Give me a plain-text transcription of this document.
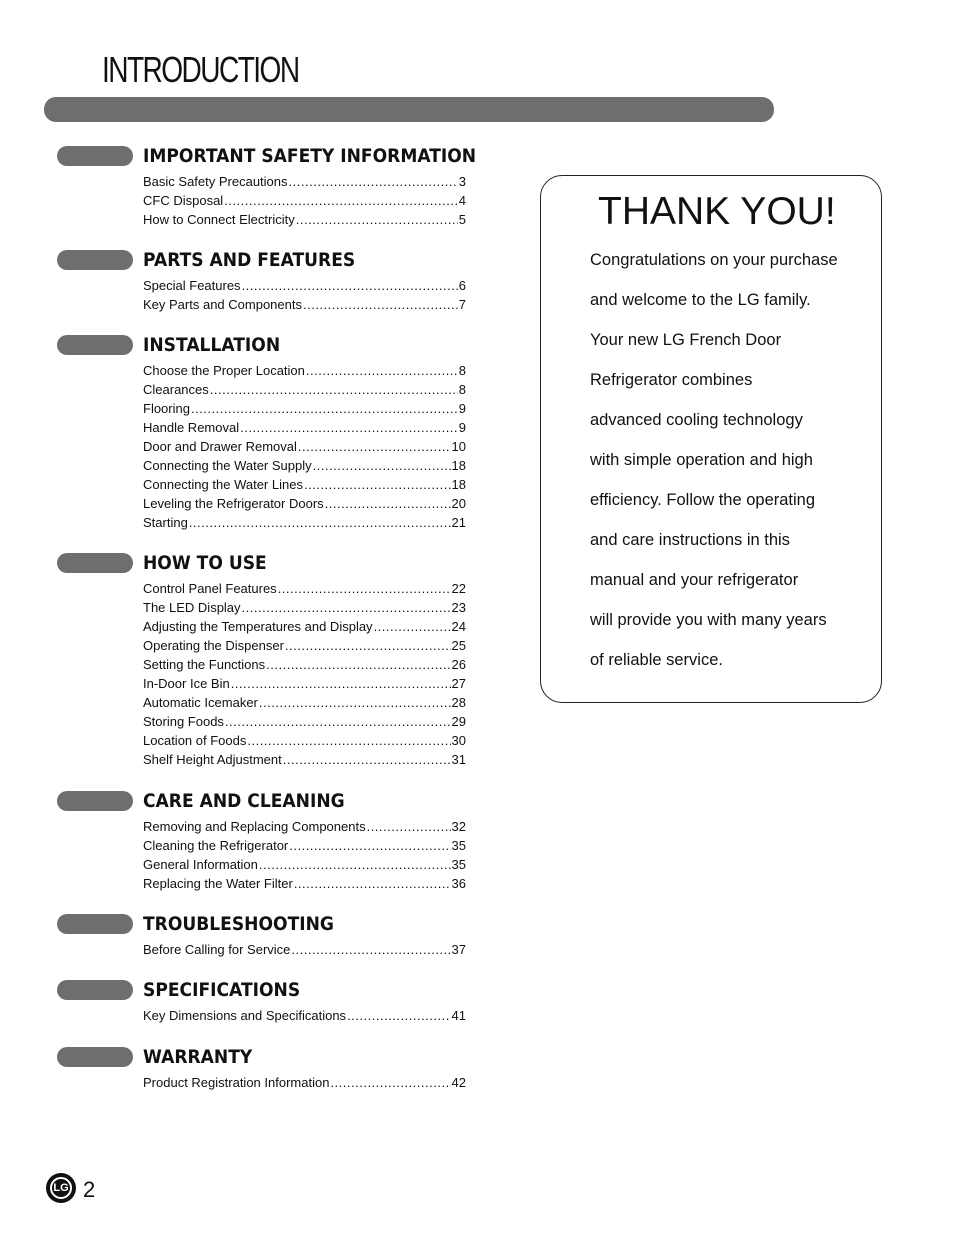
INTRODUCTION
IMPORTANT SAFETY INFORMATION
Basic Safety Precautions .....	3
CFC Disposal .....	4
How to Connect Electricity .....	5
PARTS AND FEATURES
Special Features .....	6
Key Parts and Components .....	7
INSTALLATION
Choose the Proper Location .....	8
Clearances .....	8
Flooring .....	9
Handle Removal .....	9
Door and Drawer Removal .....	10
Connecting the Water Supply .....	18
Connecting the Water Lines .....	18
Leveling the Refrigerator Doors .....	20
Starting .....	21
HOW TO USE
Control Panel Features .....	22
The LED Display .....	23
Adjusting the Temperatures and Display .....	24
Operating the Dispenser .....	25
Setting the Functions .....	26
In-Door Ice Bin .....	27
Automatic Icemaker .....	28
Storing Foods .....	29
Location of Foods .....	30
Shelf Height Adjustment .....	31
CARE AND CLEANING
Removing and Replacing Components .....	32
Cleaning the Refrigerator .....	35
General Information .....	35
Replacing the Water Filter .....	36
TROUBLESHOOTING
Before Calling for Service .....	37
SPECIFICATIONS
Key Dimensions and Specifications .....	41
WARRANTY
Product Registration Information .....	42
THANK YOU!

Congratulations on your purchase
and welcome to the LG family.
Your new LG French Door
Refrigerator combines
advanced cooling technology
with simple operation and high
efficiency. Follow the operating
and care instructions in this
manual and your refrigerator
will provide you with many years
of reliable service.

LG 2
